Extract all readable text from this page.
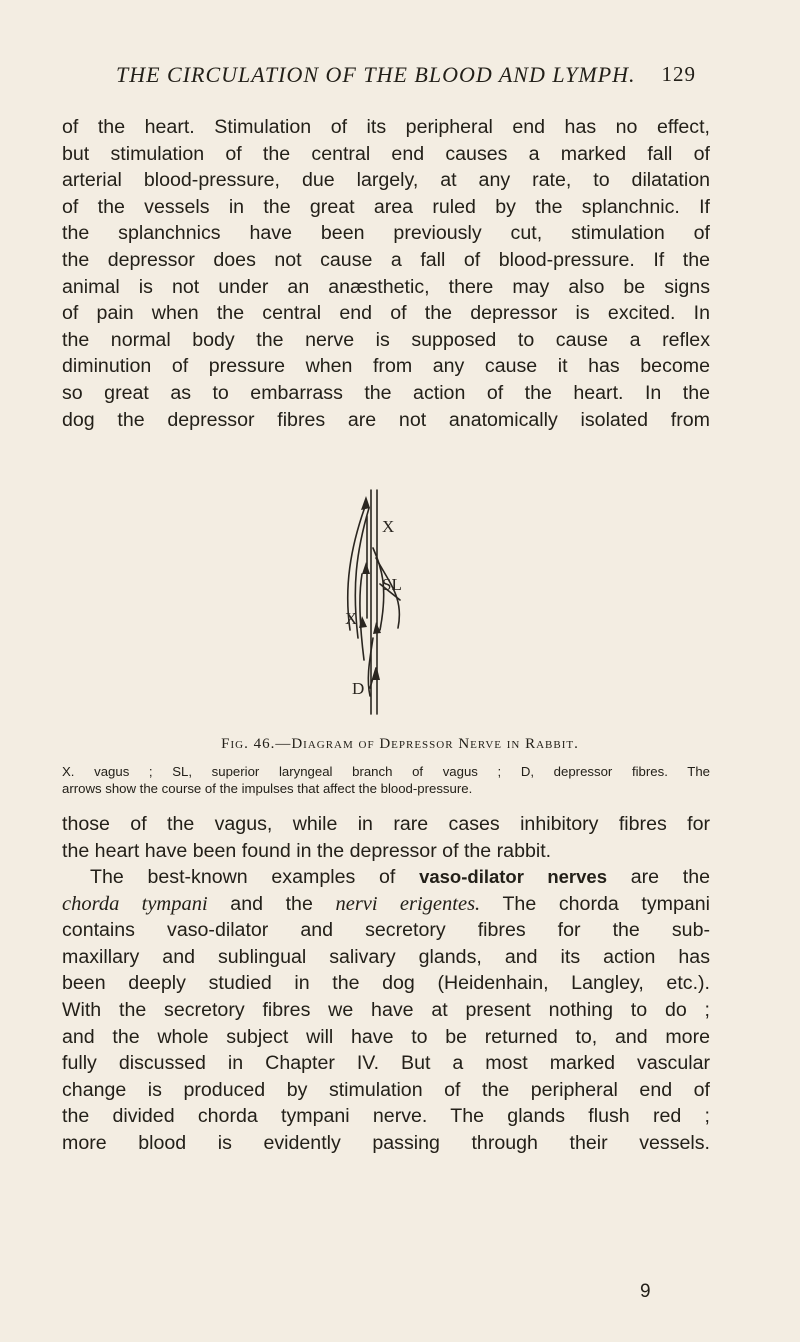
THE CIRCULATION OF THE BLOOD AND LYMPH. 129
of the heart. Stimulation of its peripheral end has no effect,
but stimulation of the central end causes a marked fall of
arterial blood-pressure, due largely, at any rate, to dilatation
of the vessels in the great area ruled by the splanchnic. If
the splanchnics have been previously cut, stimulation of
the depressor does not cause a fall of blood-pressure. If the
animal is not under an anæsthetic, there may also be signs
of pain when the central end of the depressor is excited. In
the normal body the nerve is supposed to cause a reflex
diminution of pressure when from any cause it has become
so great as to embarrass the action of the heart. In the
dog the depressor fibres are not anatomically isolated from
X
SL
X
D
Fig. 46.—Diagram of Depressor Nerve in Rabbit.
X. vagus ; SL, superior laryngeal branch of vagus ; D, depressor fibres. The
arrows show the course of the impulses that affect the blood-pressure.
those of the vagus, while in rare cases inhibitory fibres for
the heart have been found in the depressor of the rabbit.
The best-known examples of vaso-dilator nerves are the
chorda tympani and the nervi erigentes. The chorda tympani
contains vaso-dilator and secretory fibres for the sub-
maxillary and sublingual salivary glands, and its action has
been deeply studied in the dog (Heidenhain, Langley, etc.).
With the secretory fibres we have at present nothing to do ;
and the whole subject will have to be returned to, and more
fully discussed in Chapter IV. But a most marked vascular
change is produced by stimulation of the peripheral end of
the divided chorda tympani nerve. The glands flush red ;
more blood is evidently passing through their vessels.
9
